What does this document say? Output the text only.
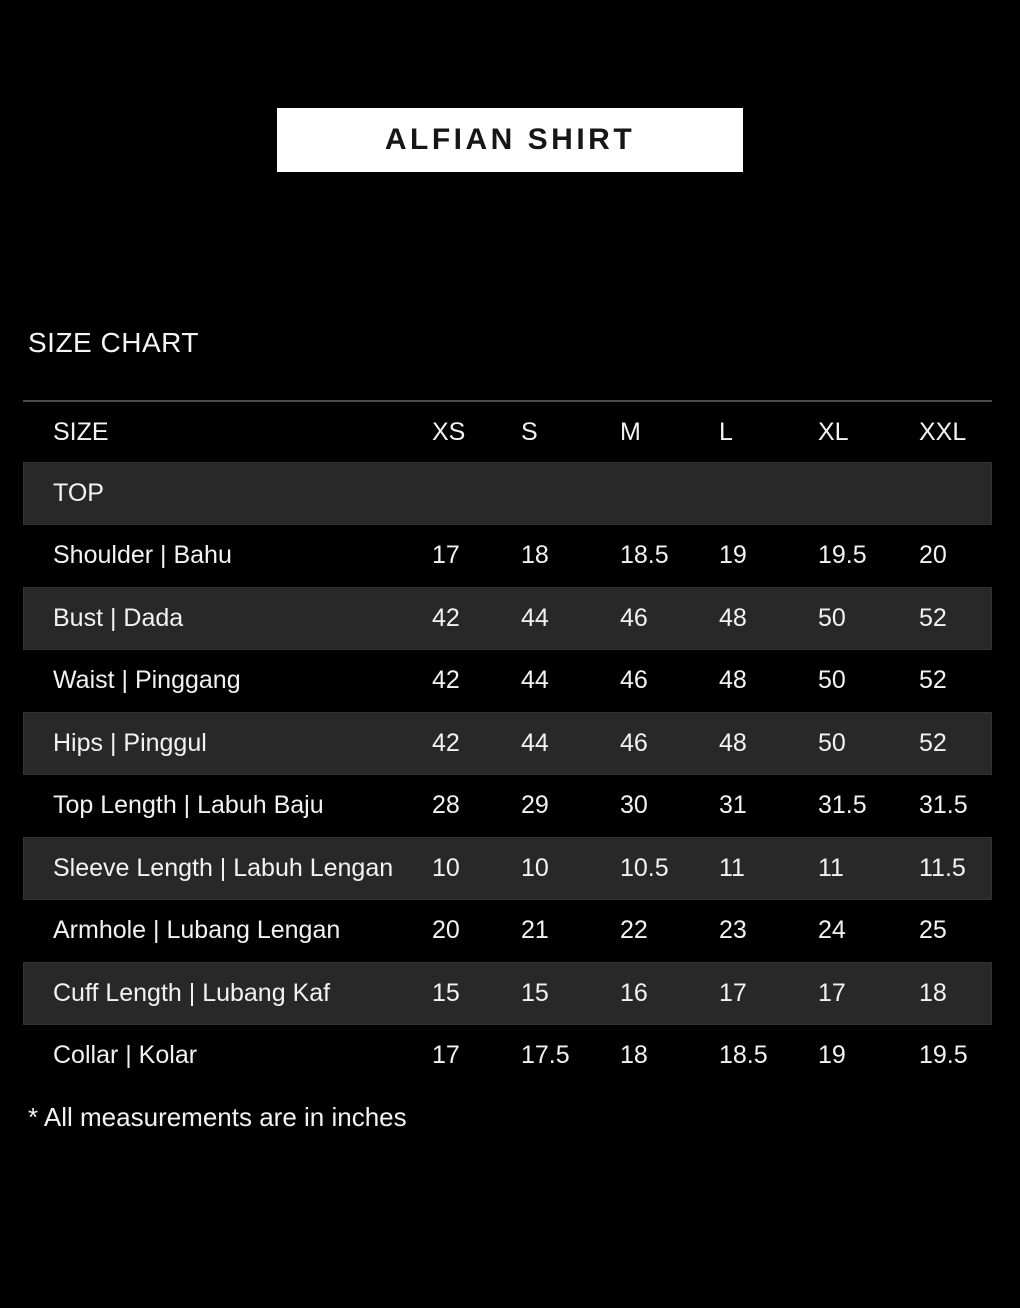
ALFIAN SHIRT
SIZE CHART
SIZE	XS	S	M	L	XL	XXL
TOP
Shoulder | Bahu	17	18	18.5	19	19.5	20
Bust | Dada	42	44	46	48	50	52
Waist | Pinggang	42	44	46	48	50	52
Hips | Pinggul	42	44	46	48	50	52
Top Length | Labuh Baju	28	29	30	31	31.5	31.5
Sleeve Length | Labuh Lengan	10	10	10.5	11	11	11.5
Armhole | Lubang Lengan	20	21	22	23	24	25
Cuff Length | Lubang Kaf	15	15	16	17	17	18
Collar | Kolar	17	17.5	18	18.5	19	19.5
* All measurements are in inches
